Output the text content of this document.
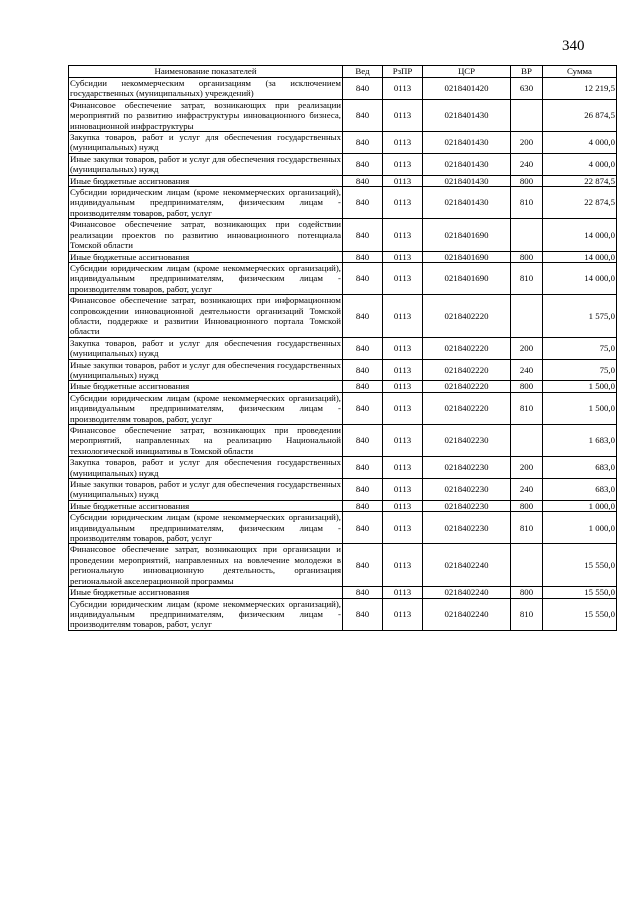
340
Наименование показателей	Вед	РзПР	ЦСР	ВР	Сумма
Субсидии некоммерческим организациям (за исключением государственных (муниципальных) учреждений)	840	0113	0218401420	630	12 219,5
Финансовое обеспечение затрат, возникающих при реализации мероприятий по развитию инфраструктуры инновационного бизнеса, инновационной инфраструктуры	840	0113	0218401430		26 874,5
Закупка товаров, работ и услуг для обеспечения государственных (муниципальных) нужд	840	0113	0218401430	200	4 000,0
Иные закупки товаров, работ и услуг для обеспечения государственных (муниципальных) нужд	840	0113	0218401430	240	4 000,0
Иные бюджетные ассигнования	840	0113	0218401430	800	22 874,5
Субсидии юридическим лицам (кроме некоммерческих организаций), индивидуальным предпринимателям, физическим лицам - производителям товаров, работ, услуг	840	0113	0218401430	810	22 874,5
Финансовое обеспечение затрат, возникающих при содействии реализации проектов по развитию инновационного потенциала Томской области	840	0113	0218401690		14 000,0
Иные бюджетные ассигнования	840	0113	0218401690	800	14 000,0
Субсидии юридическим лицам (кроме некоммерческих организаций), индивидуальным предпринимателям, физическим лицам - производителям товаров, работ, услуг	840	0113	0218401690	810	14 000,0
Финансовое обеспечение затрат, возникающих при информационном сопровождении инновационной деятельности организаций Томской области, поддержке и развитии Инновационного портала Томской области	840	0113	0218402220		1 575,0
Закупка товаров, работ и услуг для обеспечения государственных (муниципальных) нужд	840	0113	0218402220	200	75,0
Иные закупки товаров, работ и услуг для обеспечения государственных (муниципальных) нужд	840	0113	0218402220	240	75,0
Иные бюджетные ассигнования	840	0113	0218402220	800	1 500,0
Субсидии юридическим лицам (кроме некоммерческих организаций), индивидуальным предпринимателям, физическим лицам - производителям товаров, работ, услуг	840	0113	0218402220	810	1 500,0
Финансовое обеспечение затрат, возникающих при проведении мероприятий, направленных на реализацию Национальной технологической инициативы в Томской области	840	0113	0218402230		1 683,0
Закупка товаров, работ и услуг для обеспечения государственных (муниципальных) нужд	840	0113	0218402230	200	683,0
Иные закупки товаров, работ и услуг для обеспечения государственных (муниципальных) нужд	840	0113	0218402230	240	683,0
Иные бюджетные ассигнования	840	0113	0218402230	800	1 000,0
Субсидии юридическим лицам (кроме некоммерческих организаций), индивидуальным предпринимателям, физическим лицам - производителям товаров, работ, услуг	840	0113	0218402230	810	1 000,0
Финансовое обеспечение затрат, возникающих при организации и проведении мероприятий, направленных на вовлечение молодежи в региональную инновационную деятельность, организация региональной акселерационной программы	840	0113	0218402240		15 550,0
Иные бюджетные ассигнования	840	0113	0218402240	800	15 550,0
Субсидии юридическим лицам (кроме некоммерческих организаций), индивидуальным предпринимателям, физическим лицам - производителям товаров, работ, услуг	840	0113	0218402240	810	15 550,0
